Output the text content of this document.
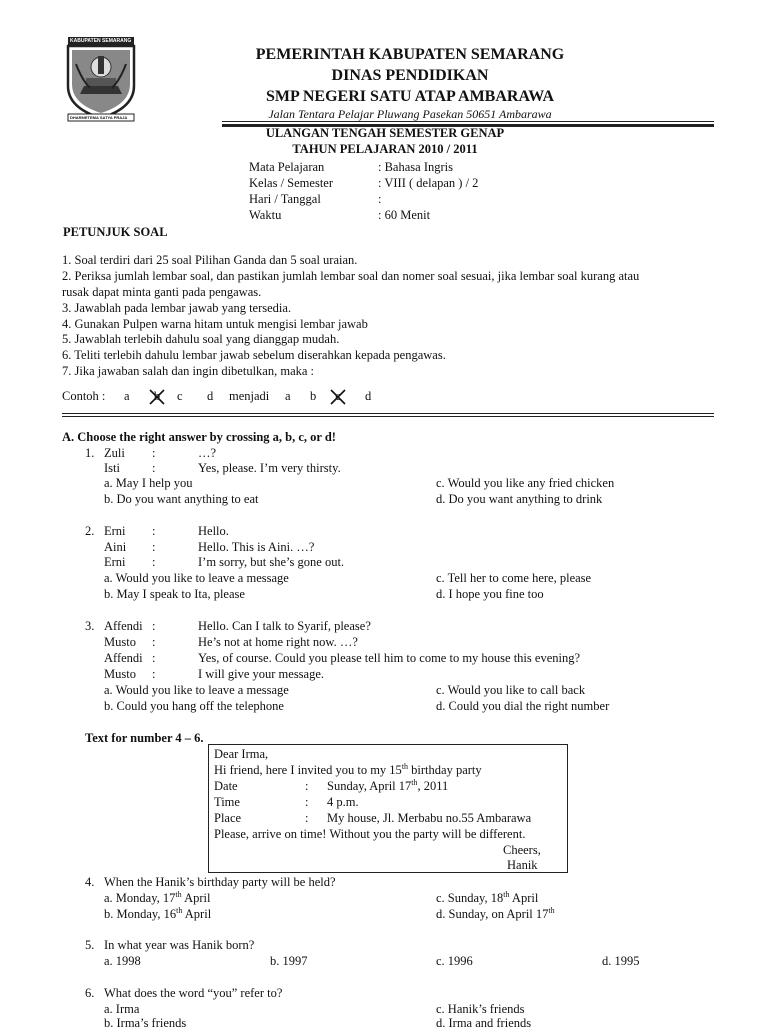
KABUPATEN SEMARANG
DHARMETEMA SATYA PRAJA
PEMERINTAH KABUPATEN SEMARANG
DINAS PENDIDIKAN
SMP NEGERI SATU ATAP AMBARAWA
Jalan Tentara Pelajar Pluwang Pasekan 50651 Ambarawa
ULANGAN TENGAH SEMESTER GENAP
TAHUN PELAJARAN 2010 / 2011
Mata Pelajaran	: Bahasa Ingris
Kelas / Semester	: VIII ( delapan ) / 2
Hari / Tanggal	:
Waktu	: 60 Menit
PETUNJUK SOAL
1. Soal terdiri dari 25 soal Pilihan Ganda dan 5 soal uraian.
2. Periksa jumlah lembar soal, dan pastikan jumlah lembar soal dan nomer soal sesuai, jika lembar soal kurang atau
rusak dapat minta ganti pada pengawas.
3. Jawablah pada lembar jawab yang tersedia.
4. Gunakan Pulpen warna hitam untuk mengisi lembar jawab
5. Jawablah terlebih dahulu soal yang dianggap mudah.
6. Teliti terlebih dahulu lembar jawab sebelum diserahkan kepada pengawas.
7. Jika jawaban salah dan ingin dibetulkan, maka :
Contoh : a	c d menjadi a b	d
A. Choose the right answer by crossing a, b, c, or d!
1. Zuli :	…?
Isti	:	Yes, please. I’m very thirsty.
a. May I help you
b. Do you want anything to eat
c. Would you like any fried chicken
d. Do you want anything to drink
2. Erni :	Hello.
Aini :	Hello. This is Aini. …?
Erni :	I’m sorry, but she’s gone out.
a. Would you like to leave a message
b. May I speak to Ita, please
c. Tell her to come here, please
d. I hope you fine too
3. Affendi :	Hello. Can I talk to Syarif, please?
Musto :	He’s not at home right now. …?
Affendi :	Yes, of course. Could you please tell him to come to my house this evening?
Musto :	I will give your message.
a. Would you like to leave a message
b. Could you hang off the telephone
c. Would you like to call back
d. Could you dial the right number
Text for number 4 – 6.
Dear Irma,
Hi friend, here I invited you to my 15th birthday party
Date	: Sunday, April 17th, 2011
Time	: 4 p.m.
Place	: My house, Jl. Merbabu no.55 Ambarawa
Please, arrive on time! Without you the party will be different.
Cheers,
Hanik
4. When the Hanik’s birthday party will be held?
a. Monday, 17th April
b. Monday, 16th April
c. Sunday, 18th April
d. Sunday, on April 17th
5. In what year was Hanik born?
a. 1998	b. 1997	c. 1996	d. 1995
6. What does the word “you” refer to?
a. Irma
b. Irma’s friends
c. Hanik’s friends
d. Irma and friends
